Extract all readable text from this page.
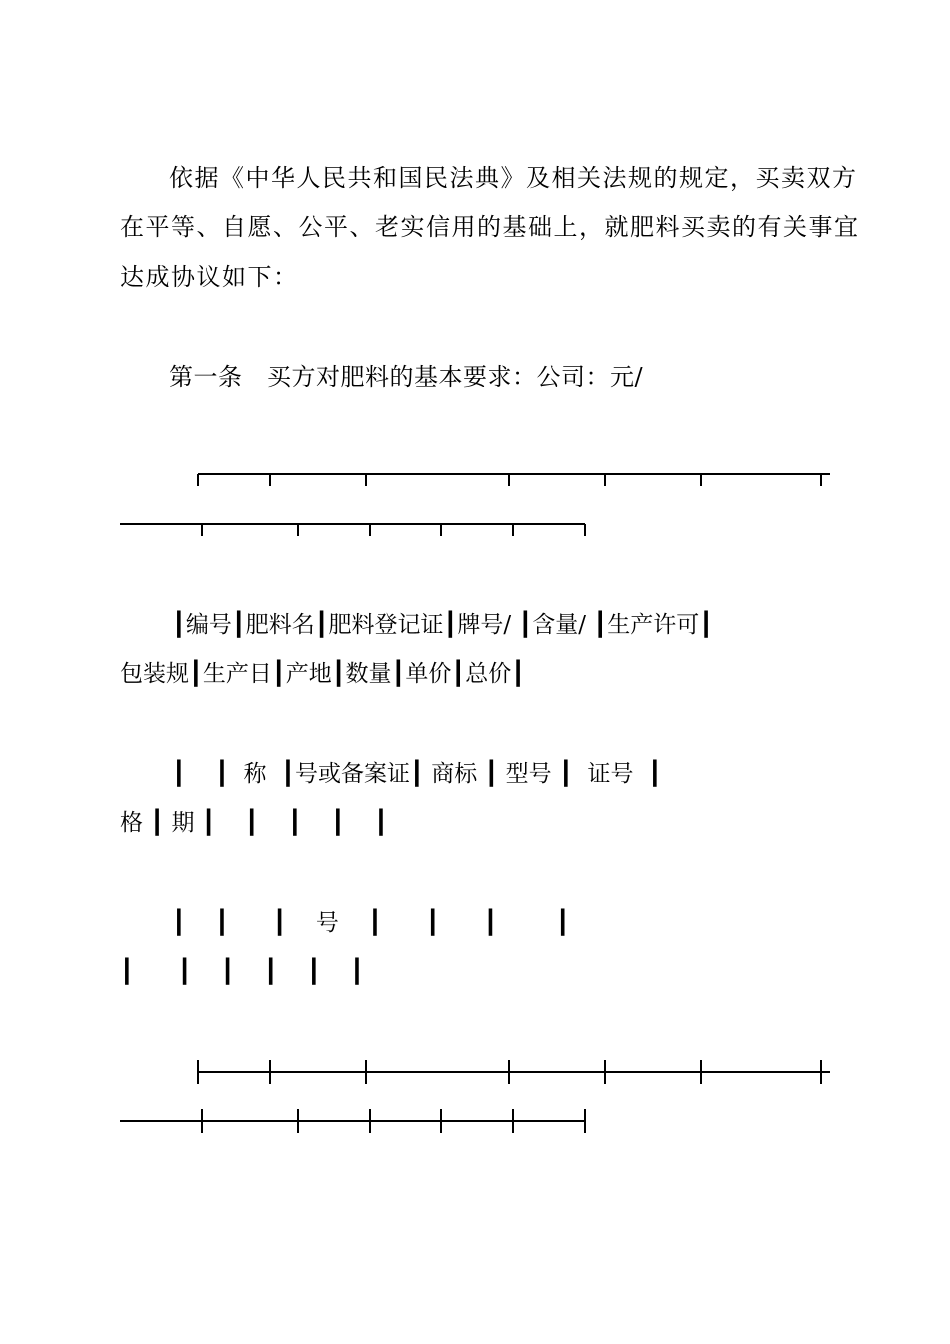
依据《中华人民共和国民法典》及相关法规的规定，买卖双方
在平等、自愿、公平、老实信用的基础上，就肥料买卖的有关事宜
达成协议如下：
第一条　买方对肥料的基本要求：公司：元/
┃编号┃肥料名┃肥料登记证┃牌号/ ┃含量/ ┃生产许可┃
包装规┃生产日┃产地┃数量┃单价┃总价┃
┃    ┃  称  ┃号或备案证┃ 商标 ┃ 型号 ┃  证号  ┃
格 ┃ 期 ┃    ┃    ┃    ┃    ┃
┃    ┃      ┃    号    ┃      ┃      ┃        ┃
┃      ┃    ┃    ┃    ┃    ┃
